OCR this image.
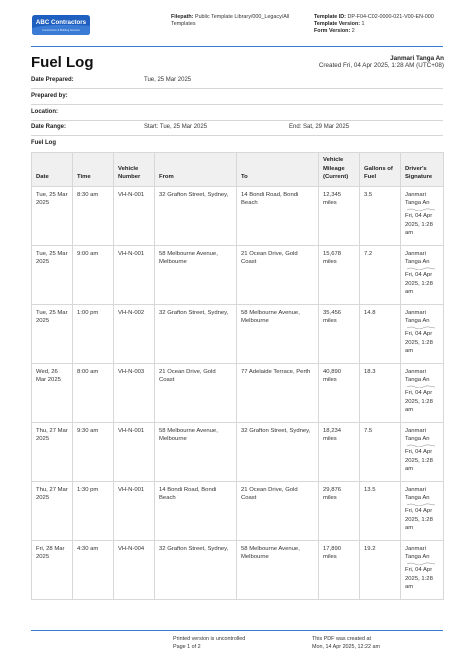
ABC Contractors
Construction & Building Services
Filepath: Public Template Library/000_Legacy/All Templates
Template ID: DP-F04-C02-0000-021-V00-EN-000
Template Version: 1
Form Version: 2
Fuel Log	Janmari Tanga An
Created Fri, 04 Apr 2025, 1:28 AM (UTC+08)
Date Prepared:	Tue, 25 Mar 2025
Prepared by:
Location:
Date Range:	Start: Tue, 25 Mar 2025	End: Sat, 29 Mar 2025
Fuel Log
Date	Time	Vehicle Number	From	To	Vehicle Mileage (Current)	Gallons of Fuel	Driver's Signature
Tue, 25 Mar 2025	8:30 am	VH-N-001	32 Grafton Street, Sydney,	14 Bondi Road, Bondi Beach	12,345 miles	3.5	Janmari Tanga An
Fri, 04 Apr 2025, 1:28 am
Tue, 25 Mar 2025	9:00 am	VH-N-001	58 Melbourne Avenue, Melbourne	21 Ocean Drive, Gold Coast	15,678 miles	7.2	Janmari Tanga An
Fri, 04 Apr 2025, 1:28 am
Tue, 25 Mar 2025	1:00 pm	VH-N-002	32 Grafton Street, Sydney,	58 Melbourne Avenue, Melbourne	35,456 miles	14.8	Janmari Tanga An
Fri, 04 Apr 2025, 1:28 am
Wed, 26 Mar 2025	8:00 am	VH-N-003	21 Ocean Drive, Gold Coast	77 Adelaide Terrace, Perth	40,890 miles	18.3	Janmari Tanga An
Fri, 04 Apr 2025, 1:28 am
Thu, 27 Mar 2025	9:30 am	VH-N-001	58 Melbourne Avenue, Melbourne	32 Grafton Street, Sydney,	18,234 miles	7.5	Janmari Tanga An
Fri, 04 Apr 2025, 1:28 am
Thu, 27 Mar 2025	1:30 pm	VH-N-001	14 Bondi Road, Bondi Beach	21 Ocean Drive, Gold Coast	29,876 miles	13.5	Janmari Tanga An
Fri, 04 Apr 2025, 1:28 am
Fri, 28 Mar 2025	4:30 am	VH-N-004	32 Grafton Street, Sydney,	58 Melbourne Avenue, Melbourne	17,890 miles	19.2	Janmari Tanga An
Fri, 04 Apr 2025, 1:28 am
Printed version is uncontrolled
Page 1 of 2
This PDF was created at
Mon, 14 Apr 2025, 12:22 am
